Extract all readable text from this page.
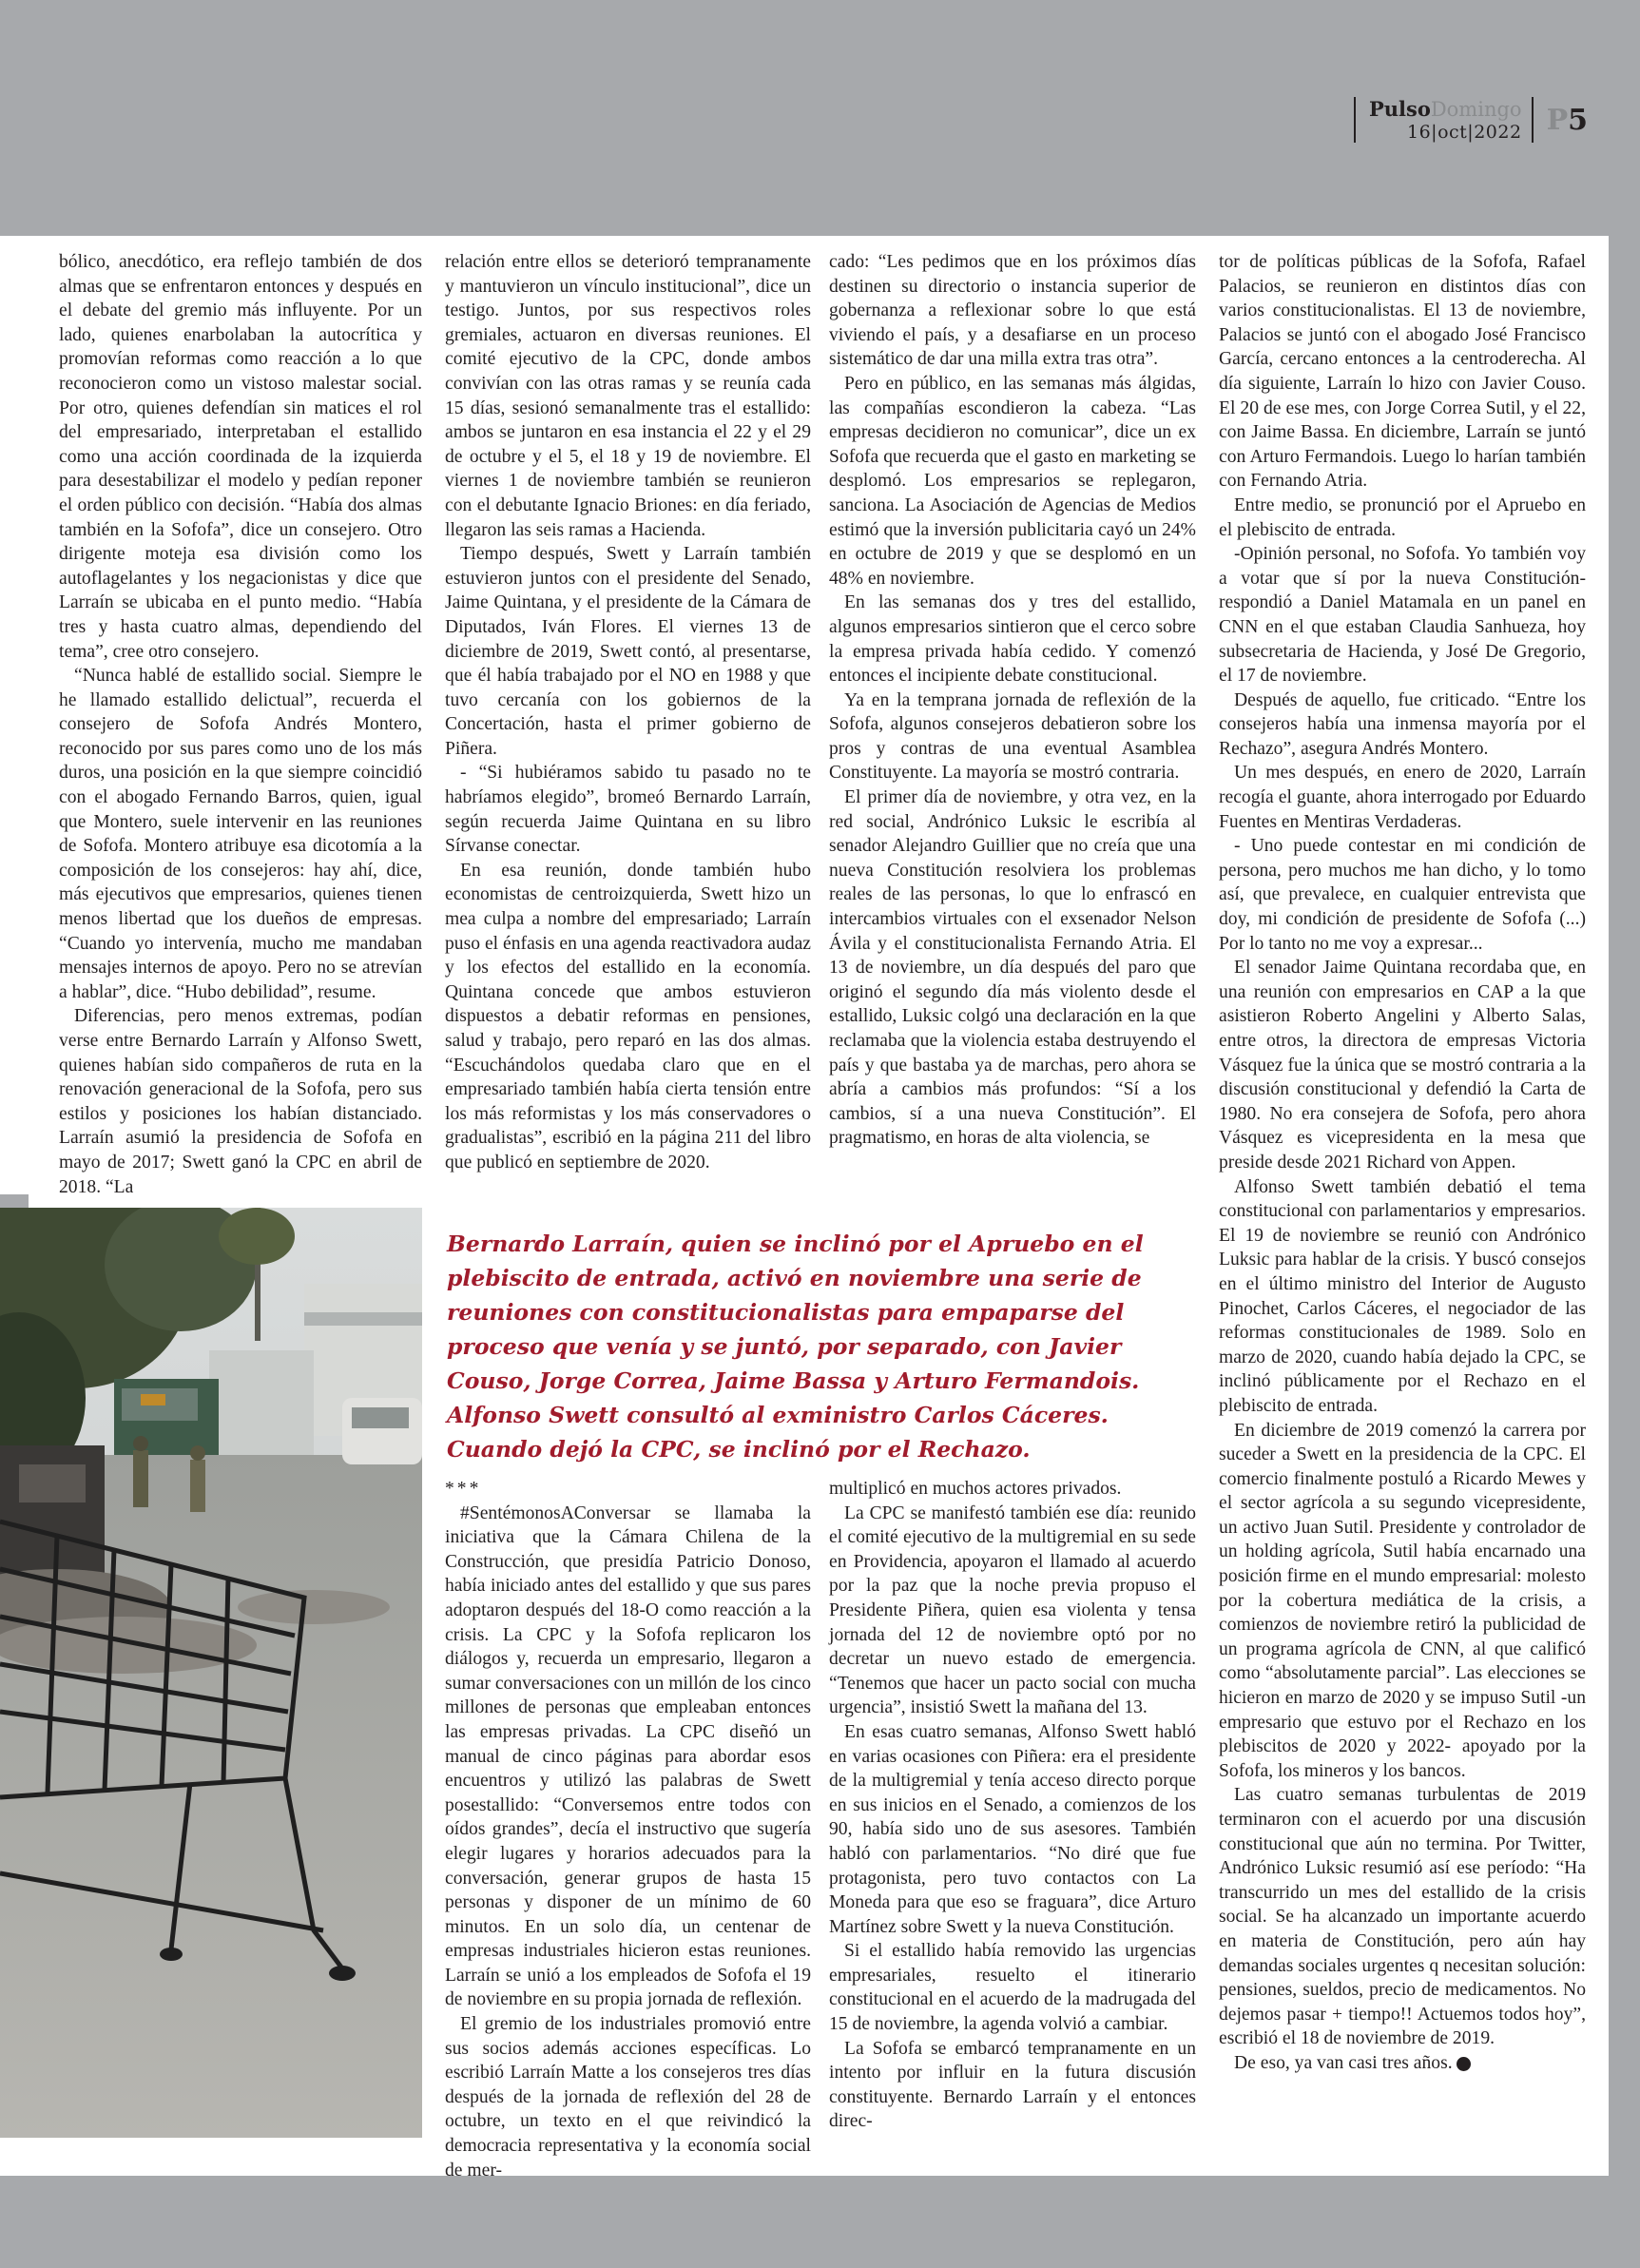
PulsoDomingo
16|oct|2022 P5

bólico, anecdótico, era reflejo también de dos almas que se enfrentaron entonces y después en el debate del gremio más influyente. Por un lado, quienes enarbolaban la autocrítica y promovían reformas como reacción a lo que reconocieron como un vistoso malestar social. Por otro, quienes defendían sin matices el rol del empresariado, interpretaban el estallido como una acción coordinada de la izquierda para desestabilizar el modelo y pedían reponer el orden público con decisión. “Había dos almas también en la Sofofa”, dice un consejero. Otro dirigente moteja esa división como los autoflagelantes y los negacionistas y dice que Larraín se ubicaba en el punto medio. “Había tres y hasta cuatro almas, dependiendo del tema”, cree otro consejero.

“Nunca hablé de estallido social. Siempre le he llamado estallido delictual”, recuerda el consejero de Sofofa Andrés Montero, reconocido por sus pares como uno de los más duros, una posición en la que siempre coincidió con el abogado Fernando Barros, quien, igual que Montero, suele intervenir en las reuniones de Sofofa. Montero atribuye esa dicotomía a la composición de los consejeros: hay ahí, dice, más ejecutivos que empresarios, quienes tienen menos libertad que los dueños de empresas. “Cuando yo intervenía, mucho me mandaban mensajes internos de apoyo. Pero no se atrevían a hablar”, dice. “Hubo debilidad”, resume.

Diferencias, pero menos extremas, podían verse entre Bernardo Larraín y Alfonso Swett, quienes habían sido compañeros de ruta en la renovación generacional de la Sofofa, pero sus estilos y posiciones los habían distanciado. Larraín asumió la presidencia de Sofofa en mayo de 2017; Swett ganó la CPC en abril de 2018. “La

relación entre ellos se deterioró tempranamente y mantuvieron un vínculo institucional”, dice un testigo. Juntos, por sus respectivos roles gremiales, actuaron en diversas reuniones. El comité ejecutivo de la CPC, donde ambos convivían con las otras ramas y se reunía cada 15 días, sesionó semanalmente tras el estallido: ambos se juntaron en esa instancia el 22 y el 29 de octubre y el 5, el 18 y 19 de noviembre. El viernes 1 de noviembre también se reunieron con el debutante Ignacio Briones: en día feriado, llegaron las seis ramas a Hacienda.

Tiempo después, Swett y Larraín también estuvieron juntos con el presidente del Senado, Jaime Quintana, y el presidente de la Cámara de Diputados, Iván Flores. El viernes 13 de diciembre de 2019, Swett contó, al presentarse, que él había trabajado por el NO en 1988 y que tuvo cercanía con los gobiernos de la Concertación, hasta el primer gobierno de Piñera.

- “Si hubiéramos sabido tu pasado no te habríamos elegido”, bromeó Bernardo Larraín, según recuerda Jaime Quintana en su libro Sírvanse conectar.

En esa reunión, donde también hubo economistas de centroizquierda, Swett hizo un mea culpa a nombre del empresariado; Larraín puso el énfasis en una agenda reactivadora audaz y los efectos del estallido en la economía. Quintana concede que ambos estuvieron dispuestos a debatir reformas en pensiones, salud y trabajo, pero reparó en las dos almas. “Escuchándolos quedaba claro que en el empresariado también había cierta tensión entre los más reformistas y los más conservadores o gradualistas”, escribió en la página 211 del libro que publicó en septiembre de 2020.

cado: “Les pedimos que en los próximos días destinen su directorio o instancia superior de gobernanza a reflexionar sobre lo que está viviendo el país, y a desafiarse en un proceso sistemático de dar una milla extra tras otra”.

Pero en público, en las semanas más álgidas, las compañías escondieron la cabeza. “Las empresas decidieron no comunicar”, dice un ex Sofofa que recuerda que el gasto en marketing se desplomó. Los empresarios se replegaron, sanciona. La Asociación de Agencias de Medios estimó que la inversión publicitaria cayó un 24% en octubre de 2019 y que se desplomó en un 48% en noviembre.

En las semanas dos y tres del estallido, algunos empresarios sintieron que el cerco sobre la empresa privada había cedido. Y comenzó entonces el incipiente debate constitucional.

Ya en la temprana jornada de reflexión de la Sofofa, algunos consejeros debatieron sobre los pros y contras de una eventual Asamblea Constituyente. La mayoría se mostró contraria.

El primer día de noviembre, y otra vez, en la red social, Andrónico Luksic le escribía al senador Alejandro Guillier que no creía que una nueva Constitución resolviera los problemas reales de las personas, lo que lo enfrascó en intercambios virtuales con el exsenador Nelson Ávila y el constitucionalista Fernando Atria. El 13 de noviembre, un día después del paro que originó el segundo día más violento desde el estallido, Luksic colgó una declaración en la que reclamaba que la violencia estaba destruyendo el país y que bastaba ya de marchas, pero ahora se abría a cambios más profundos: “Sí a los cambios, sí a una nueva Constitución”. El pragmatismo, en horas de alta violencia, se

tor de políticas públicas de la Sofofa, Rafael Palacios, se reunieron en distintos días con varios constitucionalistas. El 13 de noviembre, Palacios se juntó con el abogado José Francisco García, cercano entonces a la centroderecha. Al día siguiente, Larraín lo hizo con Javier Couso. El 20 de ese mes, con Jorge Correa Sutil, y el 22, con Jaime Bassa. En diciembre, Larraín se juntó con Arturo Fermandois. Luego lo harían también con Fernando Atria.

Entre medio, se pronunció por el Apruebo en el plebiscito de entrada.

-Opinión personal, no Sofofa. Yo también voy a votar que sí por la nueva Constitución- respondió a Daniel Matamala en un panel en CNN en el que estaban Claudia Sanhueza, hoy subsecretaria de Hacienda, y José De Gregorio, el 17 de noviembre.

Después de aquello, fue criticado. “Entre los consejeros había una inmensa mayoría por el Rechazo”, asegura Andrés Montero.

Un mes después, en enero de 2020, Larraín recogía el guante, ahora interrogado por Eduardo Fuentes en Mentiras Verdaderas.

- Uno puede contestar en mi condición de persona, pero muchos me han dicho, y lo tomo así, que prevalece, en cualquier entrevista que doy, mi condición de presidente de Sofofa (...) Por lo tanto no me voy a expresar...

El senador Jaime Quintana recordaba que, en una reunión con empresarios en CAP a la que asistieron Roberto Angelini y Alberto Salas, entre otros, la directora de empresas Victoria Vásquez fue la única que se mostró contraria a la discusión constitucional y defendió la Carta de 1980. No era consejera de Sofofa, pero ahora Vásquez es vicepresidenta en la mesa que preside desde 2021 Richard von Appen.

Alfonso Swett también debatió el tema constitucional con parlamentarios y empresarios. El 19 de noviembre se reunió con Andrónico Luksic para hablar de la crisis. Y buscó consejos en el último ministro del Interior de Augusto Pinochet, Carlos Cáceres, el negociador de las reformas constitucionales de 1989. Solo en marzo de 2020, cuando había dejado la CPC, se inclinó públicamente por el Rechazo en el plebiscito de entrada.

En diciembre de 2019 comenzó la carrera por suceder a Swett en la presidencia de la CPC. El comercio finalmente postuló a Ricardo Mewes y el sector agrícola a su segundo vicepresidente, un activo Juan Sutil. Presidente y controlador de un holding agrícola, Sutil había encarnado una posición firme en el mundo empresarial: molesto por la cobertura mediática de la crisis, a comienzos de noviembre retiró la publicidad de un programa agrícola de CNN, al que calificó como “absolutamente parcial”. Las elecciones se hicieron en marzo de 2020 y se impuso Sutil -un empresario que estuvo por el Rechazo en los plebiscitos de 2020 y 2022- apoyado por la Sofofa, los mineros y los bancos.

Las cuatro semanas turbulentas de 2019 terminaron con el acuerdo por una discusión constitucional que aún no termina. Por Twitter, Andrónico Luksic resumió así ese período: “Ha transcurrido un mes del estallido de la crisis social. Se ha alcanzado un importante acuerdo en materia de Constitución, pero aún hay demandas sociales urgentes q necesitan solución: pensiones, sueldos, precio de medicamentos. No dejemos pasar + tiempo!! Actuemos todos hoy”, escribió el 18 de noviembre de 2019.

De eso, ya van casi tres años. P

Bernardo Larraín, quien se inclinó por el Apruebo en el plebiscito de entrada, activó en noviembre una serie de reuniones con constitucionalistas para empaparse del proceso que venía y se juntó, por separado, con Javier Couso, Jorge Correa, Jaime Bassa y Arturo Fermandois. Alfonso Swett consultó al exministro Carlos Cáceres. Cuando dejó la CPC, se inclinó por el Rechazo.

***

#SentémonosAConversar se llamaba la iniciativa que la Cámara Chilena de la Construcción, que presidía Patricio Donoso, había iniciado antes del estallido y que sus pares adoptaron después del 18-O como reacción a la crisis. La CPC y la Sofofa replicaron los diálogos y, recuerda un empresario, llegaron a sumar conversaciones con un millón de los cinco millones de personas que empleaban entonces las empresas privadas. La CPC diseñó un manual de cinco páginas para abordar esos encuentros y utilizó las palabras de Swett posestallido: “Conversemos entre todos con oídos grandes”, decía el instructivo que sugería elegir lugares y horarios adecuados para la conversación, generar grupos de hasta 15 personas y disponer de un mínimo de 60 minutos. En un solo día, un centenar de empresas industriales hicieron estas reuniones. Larraín se unió a los empleados de Sofofa el 19 de noviembre en su propia jornada de reflexión.

El gremio de los industriales promovió entre sus socios además acciones específicas. Lo escribió Larraín Matte a los consejeros tres días después de la jornada de reflexión del 28 de octubre, un texto en el que reivindicó la democracia representativa y la economía social de mer-

multiplicó en muchos actores privados.

La CPC se manifestó también ese día: reunido el comité ejecutivo de la multigremial en su sede en Providencia, apoyaron el llamado al acuerdo por la paz que la noche previa propuso el Presidente Piñera, quien esa violenta y tensa jornada del 12 de noviembre optó por no decretar un nuevo estado de emergencia. “Tenemos que hacer un pacto social con mucha urgencia”, insistió Swett la mañana del 13.

En esas cuatro semanas, Alfonso Swett habló en varias ocasiones con Piñera: era el presidente de la multigremial y tenía acceso directo porque en sus inicios en el Senado, a comienzos de los 90, había sido uno de sus asesores. También habló con parlamentarios. “No diré que fue protagonista, pero tuvo contactos con La Moneda para que eso se fraguara”, dice Arturo Martínez sobre Swett y la nueva Constitución.

Si el estallido había removido las urgencias empresariales, resuelto el itinerario constitucional en el acuerdo de la madrugada del 15 de noviembre, la agenda volvió a cambiar.

La Sofofa se embarcó tempranamente en un intento por influir en la futura discusión constituyente. Bernardo Larraín y el entonces direc-
